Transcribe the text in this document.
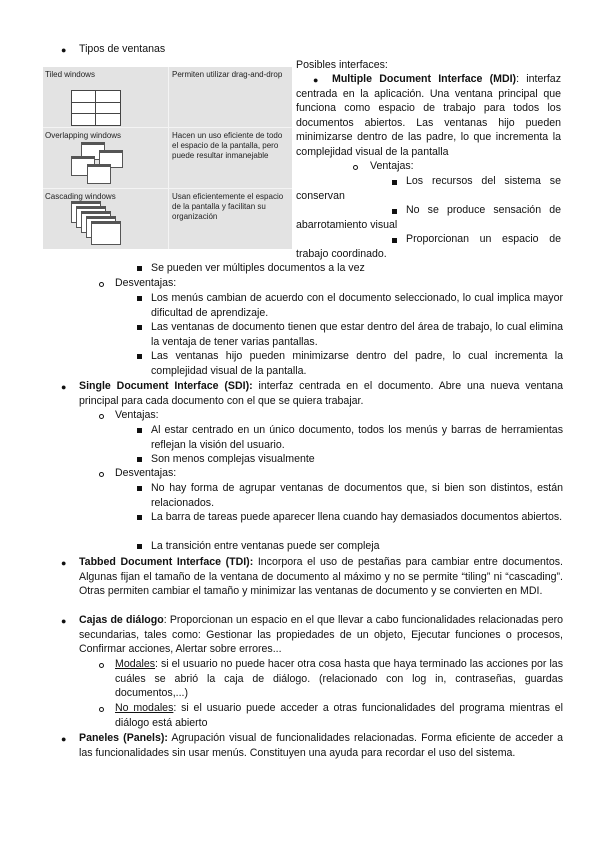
● Tipos de ventanas
Tiled windows	Permiten utilizar drag-and-drop
Overlapping windows	Hacen un uso eficiente de todo el espacio de la pantalla, pero puede resultar inmanejable
Cascading windows	Usan eficientemente el espacio de la pantalla y facilitan su organización
Posibles interfaces:
●	Multiple Document Interface (MDI): interfaz centrada en la aplicación. Una ventana principal que funciona como espacio de trabajo para todos los documentos abiertos. Las ventanas hijo pueden minimizarse dentro de las padre, lo que incrementa la complejidad visual de la pantalla
Ventajas:
Los recursos del sistema se conservan
No se produce sensación de abarrotamiento visual
Proporcionan un espacio de trabajo coordinado.
Se pueden ver múltiples documentos a la vez
Desventajas:
Los menús cambian de acuerdo con el documento seleccionado, lo cual implica mayor dificultad de aprendizaje.
Las ventanas de documento tienen que estar dentro del área de trabajo, lo cual elimina la ventaja de tener varias pantallas.
Las ventanas hijo pueden minimizarse dentro del padre, lo cual incrementa la complejidad visual de la pantalla.
● Single Document Interface (SDI): interfaz centrada en el documento. Abre una nueva ventana principal para cada documento con el que se quiera trabajar.
Ventajas:
Al estar centrado en un único documento, todos los menús y barras de herramientas reflejan la visión del usuario.
Son menos complejas visualmente
Desventajas:
No hay forma de agrupar ventanas de documentos que, si bien son distintos, están relacionados.
La barra de tareas puede aparecer llena cuando hay demasiados documentos abiertos.
La transición entre ventanas puede ser compleja
● Tabbed Document Interface (TDI): Incorpora el uso de pestañas para cambiar entre documentos. Algunas fijan el tamaño de la ventana de documento al máximo y no se permite “tiling” ni “cascading”. Otras permiten cambiar el tamaño y minimizar las ventanas de documento y se convierten en MDI.
● Cajas de diálogo: Proporcionan un espacio en el que llevar a cabo funcionalidades relacionadas pero secundarias, tales como: Gestionar las propiedades de un objeto, Ejecutar funciones o procesos, Confirmar acciones, Alertar sobre errores...
Modales: si el usuario no puede hacer otra cosa hasta que haya terminado las acciones por las cuáles se abrió la caja de diálogo. (relacionado con log in, contraseñas, guardas documentos,...)
No modales: si el usuario puede acceder a otras funcionalidades del programa mientras el diálogo está abierto
● Paneles (Panels): Agrupación visual de funcionalidades relacionadas. Forma eficiente de acceder a las funcionalidades sin usar menús. Constituyen una ayuda para recordar el uso del sistema.
